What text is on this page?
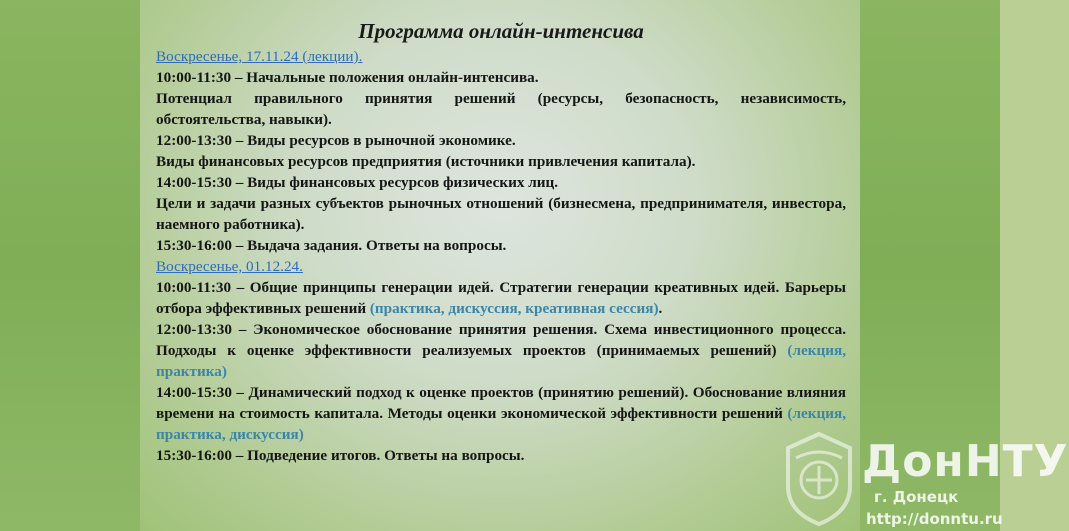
Программа онлайн-интенсива
Воскресенье, 17.11.24 (лекции).
10:00-11:30 – Начальные положения онлайн-интенсива.
Потенциал правильного принятия решений (ресурсы, безопасность, независимость, обстоятельства, навыки).
12:00-13:30 – Виды ресурсов в рыночной экономике.
Виды финансовых ресурсов предприятия (источники привлечения капитала).
14:00-15:30 – Виды финансовых ресурсов физических лиц.
Цели и задачи разных субъектов рыночных отношений (бизнесмена, предпринимателя, инвестора, наемного работника).
15:30-16:00 – Выдача задания. Ответы на вопросы.
Воскресенье, 01.12.24.
10:00-11:30 – Общие принципы генерации идей. Стратегии генерации креативных идей. Барьеры отбора эффективных решений (практика, дискуссия, креативная сессия).
12:00-13:30 – Экономическое обоснование принятия решения. Схема инвестиционного процесса. Подходы к оценке эффективности реализуемых проектов (принимаемых решений) (лекция, практика)
14:00-15:30 – Динамический подход к оценке проектов (принятию решений). Обоснование влияния времени на стоимость капитала. Методы оценки экономической эффективности решений (лекция, практика, дискуссия)
15:30-16:00 – Подведение итогов. Ответы на вопросы.	ДонНТУ
г. Донецк
http://donntu.ru
